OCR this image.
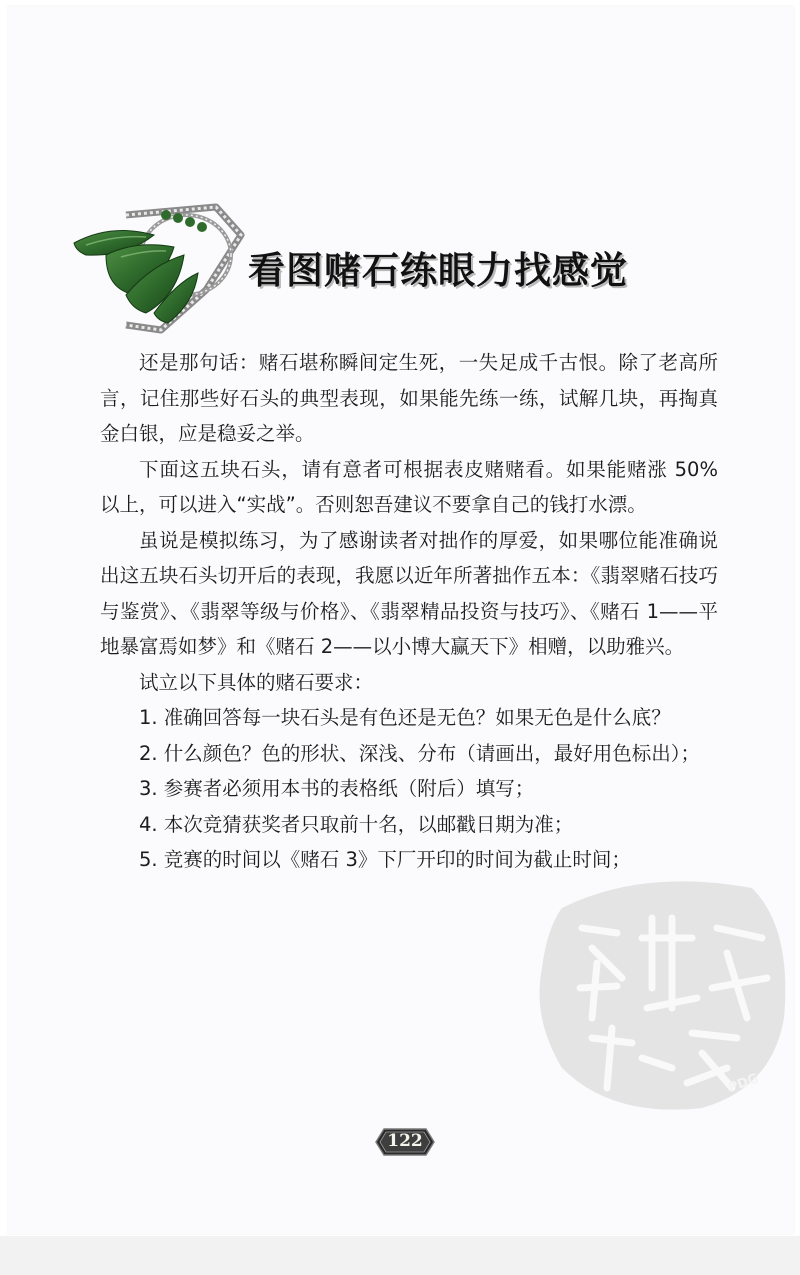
看图赌石练眼力找感觉

还是那句话：赌石堪称瞬间定生死，一失足成千古恨。除了老高所言，记住那些好石头的典型表现，如果能先练一练，试解几块，再掏真金白银，应是稳妥之举。

下面这五块石头，请有意者可根据表皮赌赌看。如果能赌涨 50% 以上，可以进入“实战”。否则恕吾建议不要拿自己的钱打水漂。

虽说是模拟练习，为了感谢读者对拙作的厚爱，如果哪位能准确说出这五块石头切开后的表现，我愿以近年所著拙作五本：《翡翠赌石技巧与鉴赏》、《翡翠等级与价格》、《翡翠精品投资与技巧》、《赌石 1——平地暴富焉如梦》和《赌石 2——以小博大赢天下》相赠，以助雅兴。

试立以下具体的赌石要求：

1. 准确回答每一块石头是有色还是无色？如果无色是什么底？

2. 什么颜色？色的形状、深浅、分布（请画出，最好用色标出）；

3. 参赛者必须用本书的表格纸（附后）填写；

4. 本次竞猜获奖者只取前十名，以邮戳日期为准；

5. 竞赛的时间以《赌石 3》下厂开印的时间为截止时间；

PDG
122
